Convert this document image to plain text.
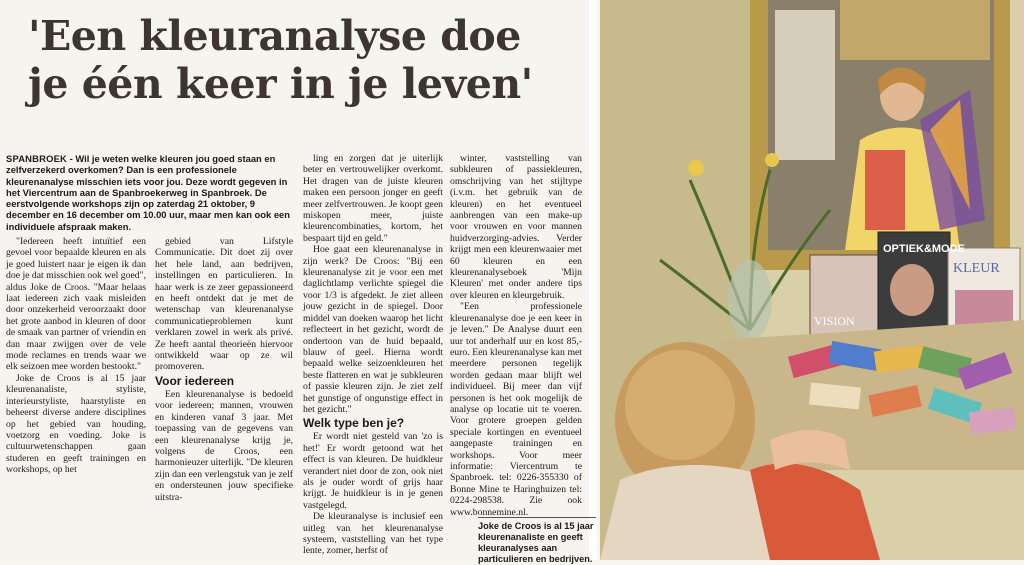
'Een kleuranalyse doe je één keer in je leven'
SPANBROEK - Wil je weten welke kleuren jou goed staan en zelfverzekerd overkomen? Dan is een professionele kleurenanalyse misschien iets voor jou. Deze wordt gegeven in het Viercentrum aan de Spanbroekerweg in Spanbroek. De eerstvolgende workshops zijn op zaterdag 21 oktober, 9 december en 16 december om 10.00 uur, maar men kan ook een individuele afspraak maken.

"Iedereen heeft intuïtief een gevoel voor bepaalde kleuren en als je goed luistert naar je eigen ik dan doe je dat misschien ook wel goed", aldus Joke de Croos. "Maar helaas laat iedereen zich vaak misleiden door onzekerheid veroorzaakt door het grote aanbod in kleuren of door de smaak van partner of vriendin en dan maar zwijgen over de vele mode reclames en trends waar we elk seizoen mee worden bestookt."

Joke de Croos is al 15 jaar kleurenanaliste, styliste, interieurstyliste, haarstyliste en beheerst diverse andere disciplines op het gebied van houding, voetzorg en voeding. Joke is cultuurwetenschappen gaan studeren en geeft trainingen en workshops, op het

gebied van Lifstyle Communicatie. Dit doet zij over het hele land, aan bedrijven, instellingen en particulieren. In haar werk is ze zeer gepassioneerd en heeft ontdekt dat je met de wetenschap van kleurenanalyse communicatieproblemen kunt verklaren zowel in werk als privé. Ze heeft aantal theorieën hiervoor ontwikkeld waar op ze wil promoveren.

Voor iedereen

Een kleurenanalyse is bedoeld voor iedereen; mannen, vrouwen en kinderen vanaf 3 jaar. Met toepassing van de gegevens van een kleurenanalyse krijg je, volgens de Croos, een harmonieuzer uiterlijk. "De kleuren zijn dan een verlengstuk van je zelf en ondersteunen jouw specifieke uitstra-

ling en zorgen dat je uiterlijk beter en vertrouwelijker overkomt. Het dragen van de juiste kleuren maken een persoon jonger en geeft meer zelfvertrouwen. Je koopt geen miskopen meer, juiste kleurencombinaties, kortom, het bespaart tijd en geld."

Hoe gaat een kleurenanalyse in zijn werk? De Croos: "Bij een kleurenanalyse zit je voor een met daglichtlamp verlichte spiegel die voor 1/3 is afgedekt. Je ziet alleen jouw gezicht in de spiegel. Door middel van doeken waarop het licht reflecteert in het gezicht, wordt de ondertoon van de huid bepaald, blauw of geel. Hierna wordt bepaald welke seizoenkleuren het beste flatteren en wat je subkleuren of passie kleuren zijn. Je ziet zelf het gunstige of ongunstige effect in het gezicht."

Welk type ben je?

Er wordt niet gesteld van 'zo is het!' Er wordt getoond wat het effect is van kleuren. De huidkleur verandert niet door de zon, ook niet als je ouder wordt of grijs haar krijgt. Je huidkleur is in je genen vastgelegd.

De kleuranalyse is inclusief een uitleg van het kleurenanalyse systeem, vaststelling van het type lente, zomer, herfst of

winter, vaststelling van subkleuren of passiekleuren, omschrijving van het stijltype (i.v.m. het gebruik van de kleuren) en het eventueel aanbrengen van een make-up voor vrouwen en voor mannen huidverzorging-advies. Verder krijgt men een kleurenwaaier met 60 kleuren en een kleurenanalyseboek 'Mijn Kleuren' met onder andere tips over kleuren en kleurgebruik.

"Een professionele kleurenanalyse doe je een keer in je leven." De Analyse duurt een uur tot anderhalf uur en kost 85,- euro. Een kleurenanalyse kan met meerdere personen tegelijk worden gedaan maar blijft wel individueel. Bij meer dan vijf personen is het ook mogelijk de analyse op locatie uit te voeren. Voor grotere groepen gelden speciale kortingen en eventueel aangepaste trainingen en workshops. Voor meer informatie: Viercentrum te Spanbroek. tel: 0226-355330 of Bonne Mine te Haringhuizen tel: 0224-298538. Zie ook www.bonnemine.nl.

OPTIEK&MODE
KLEUR
VISION
Joke de Croos is al 15 jaar kleurenanaliste en geeft kleuranalyses aan particulieren en bedrijven.
